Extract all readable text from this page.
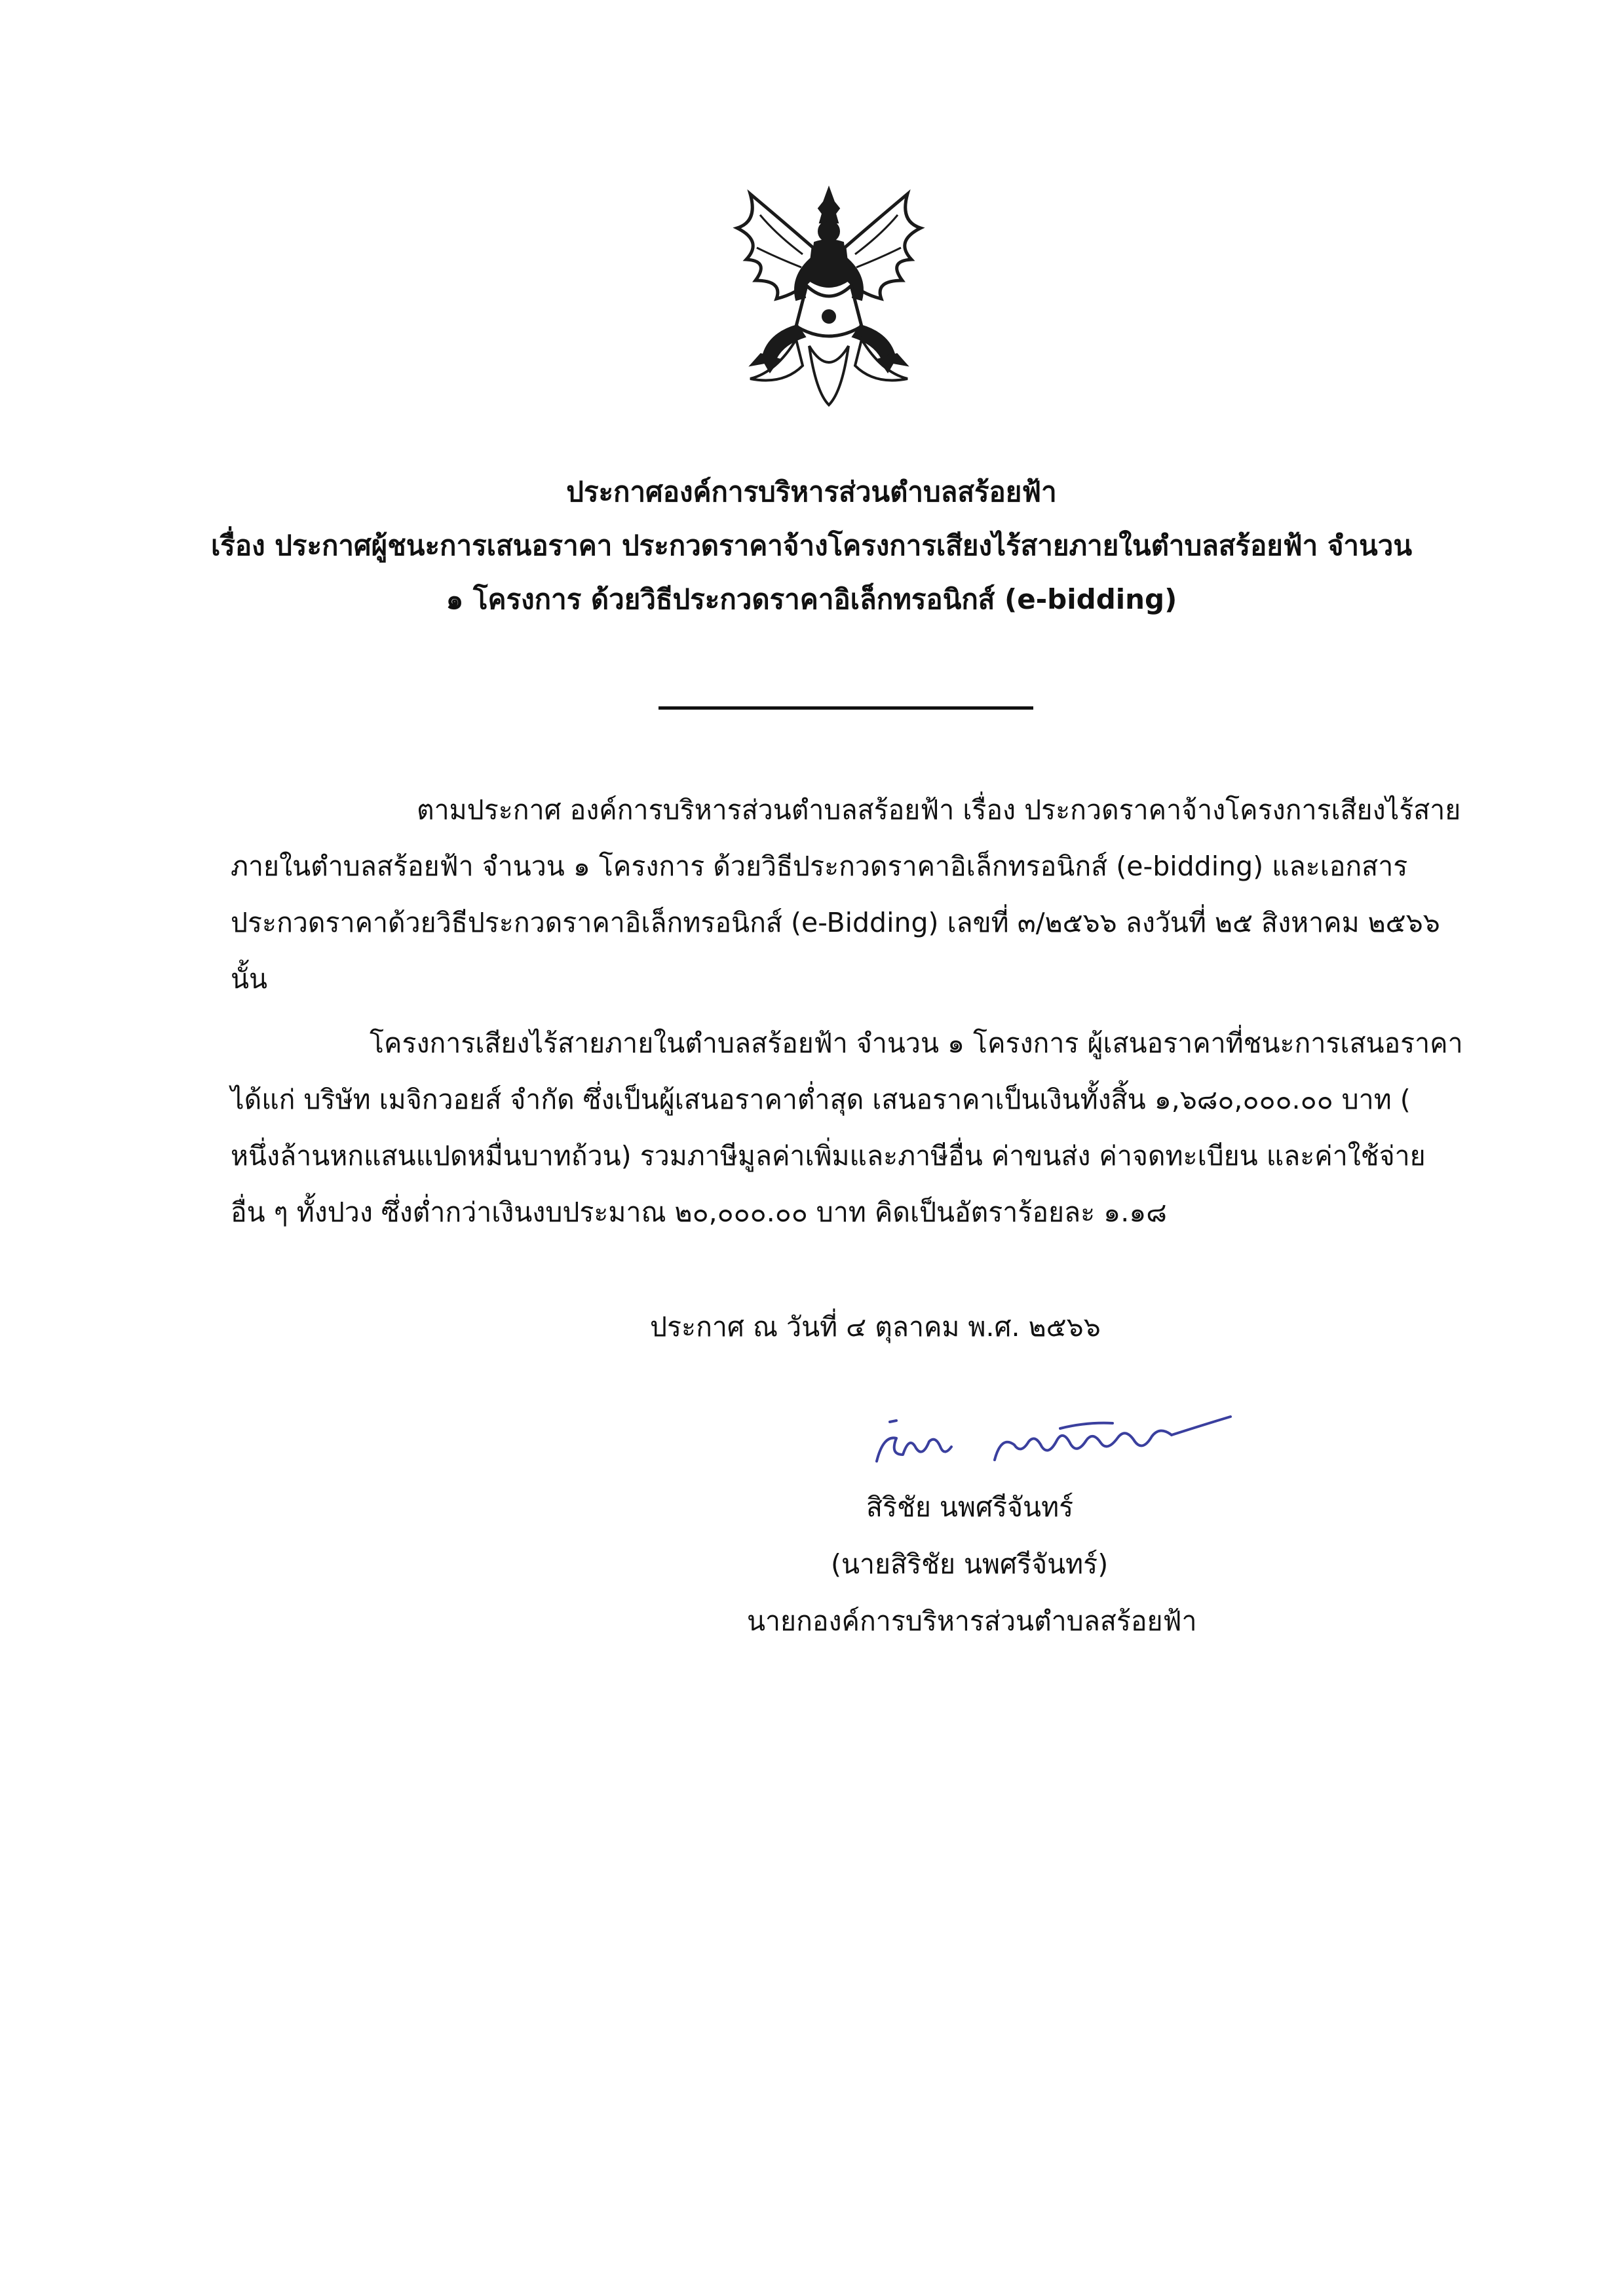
ประกาศองค์การบริหารส่วนตำบลสร้อยฟ้า
เรื่อง ประกาศผู้ชนะการเสนอราคา ประกวดราคาจ้างโครงการเสียงไร้สายภายในตำบลสร้อยฟ้า จำนวน
๑ โครงการ ด้วยวิธีประกวดราคาอิเล็กทรอนิกส์ (e-bidding)
ตามประกาศ องค์การบริหารส่วนตำบลสร้อยฟ้า เรื่อง ประกวดราคาจ้างโครงการเสียงไร้สาย
ภายในตำบลสร้อยฟ้า จำนวน ๑ โครงการ ด้วยวิธีประกวดราคาอิเล็กทรอนิกส์ (e-bidding) และเอกสาร
ประกวดราคาด้วยวิธีประกวดราคาอิเล็กทรอนิกส์ (e-Bidding) เลขที่ ๓/๒๕๖๖ ลงวันที่ ๒๕ สิงหาคม ๒๕๖๖
นั้น
โครงการเสียงไร้สายภายในตำบลสร้อยฟ้า จำนวน ๑ โครงการ ผู้เสนอราคาที่ชนะการเสนอราคา
ได้แก่ บริษัท เมจิกวอยส์ จำกัด ซึ่งเป็นผู้เสนอราคาต่ำสุด เสนอราคาเป็นเงินทั้งสิ้น ๑,๖๘๐,๐๐๐.๐๐ บาท (
หนึ่งล้านหกแสนแปดหมื่นบาทถ้วน) รวมภาษีมูลค่าเพิ่มและภาษีอื่น ค่าขนส่ง ค่าจดทะเบียน และค่าใช้จ่าย
อื่น ๆ ทั้งปวง ซึ่งต่ำกว่าเงินงบประมาณ ๒๐,๐๐๐.๐๐ บาท คิดเป็นอัตราร้อยละ ๑.๑๘
ประกาศ ณ วันที่ ๔ ตุลาคม พ.ศ. ๒๕๖๖
สิริชัย นพศรีจันทร์
(นายสิริชัย นพศรีจันทร์)
นายกองค์การบริหารส่วนตำบลสร้อยฟ้า
